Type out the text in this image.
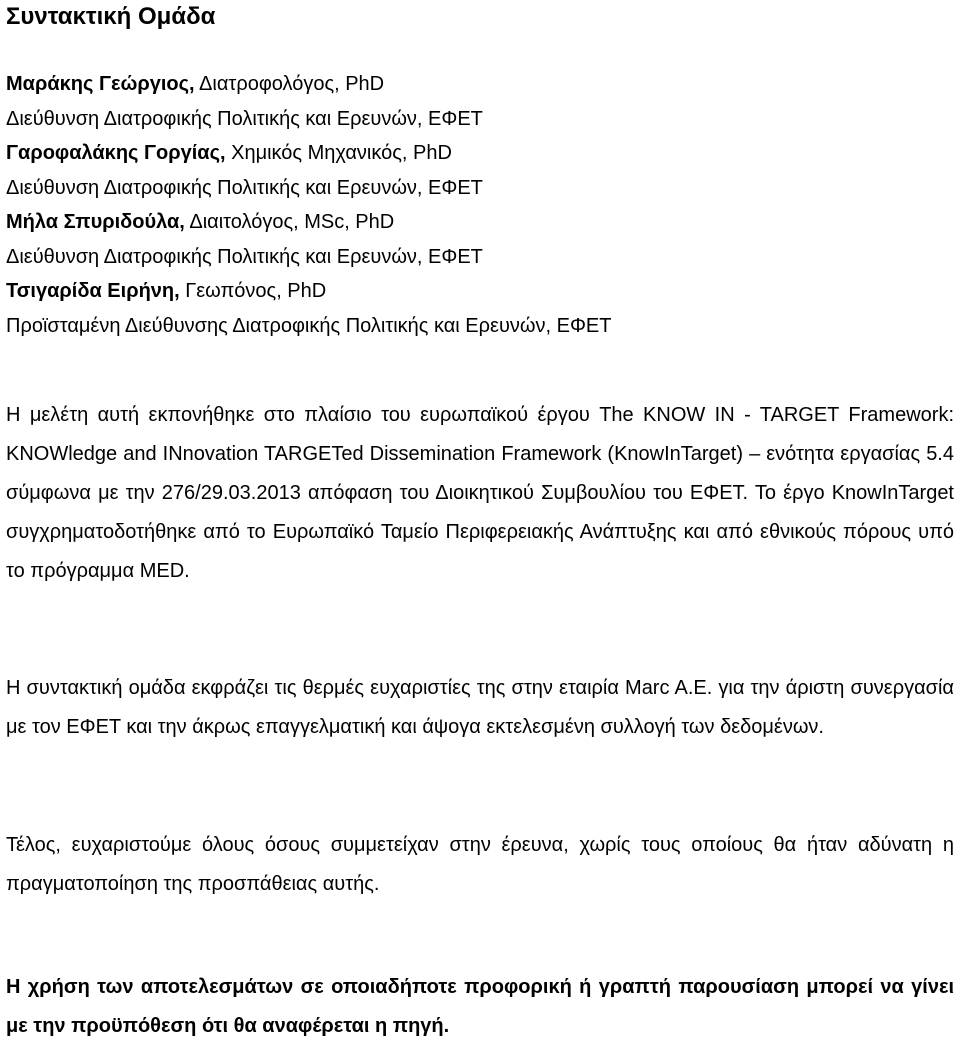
Συντακτική Ομάδα
Μαράκης Γεώργιος, Διατροφολόγος, PhD
Διεύθυνση Διατροφικής Πολιτικής και Ερευνών, ΕΦΕΤ
Γαροφαλάκης Γοργίας, Χημικός Μηχανικός, PhD
Διεύθυνση Διατροφικής Πολιτικής και Ερευνών, ΕΦΕΤ
Μήλα Σπυριδούλα, Διαιτολόγος, MSc, PhD
Διεύθυνση Διατροφικής Πολιτικής και Ερευνών, ΕΦΕΤ
Τσιγαρίδα Ειρήνη, Γεωπόνος, PhD
Προϊσταμένη Διεύθυνσης Διατροφικής Πολιτικής και Ερευνών, ΕΦΕΤ

Η μελέτη αυτή εκπονήθηκε στο πλαίσιο του ευρωπαϊκού έργου The KNOW IN - TARGET Framework: KNOWledge and INnovation TARGETed Dissemination Framework (KnowInTarget) – ενότητα εργασίας 5.4 σύμφωνα με την 276/29.03.2013 απόφαση του Διοικητικού Συμβουλίου του ΕΦΕΤ. Το έργο KnowInTarget συγχρηματοδοτήθηκε από το Ευρωπαϊκό Ταμείο Περιφερειακής Ανάπτυξης και από εθνικούς πόρους υπό το πρόγραμμα MED.

Η συντακτική ομάδα εκφράζει τις θερμές ευχαριστίες της στην εταιρία Marc A.E. για την άριστη συνεργασία με τον ΕΦΕΤ και την άκρως επαγγελματική και άψογα εκτελεσμένη συλλογή των δεδομένων.

Τέλος, ευχαριστούμε όλους όσους συμμετείχαν στην έρευνα, χωρίς τους οποίους θα ήταν αδύνατη η πραγματοποίηση της προσπάθειας αυτής.

Η χρήση των αποτελεσμάτων σε οποιαδήποτε προφορική ή γραπτή παρουσίαση μπορεί να γίνει με την προϋπόθεση ότι θα αναφέρεται η πηγή.
